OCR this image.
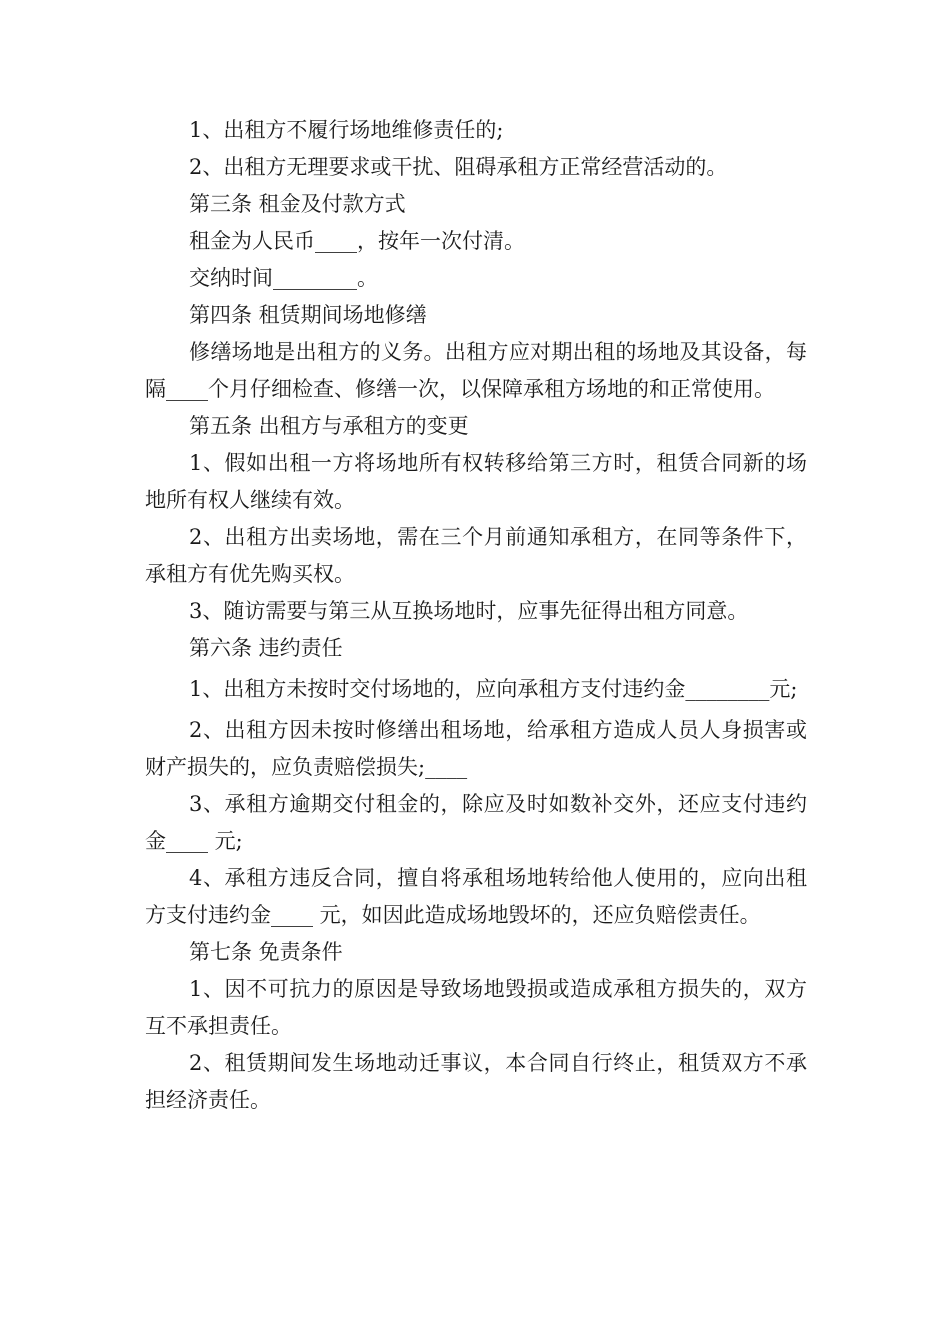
1、出租方不履行场地维修责任的;

2、出租方无理要求或干扰、阻碍承租方正常经营活动的。

第三条 租金及付款方式

租金为人民币____，按年一次付清。

交纳时间________。

第四条 租赁期间场地修缮

修缮场地是出租方的义务。出租方应对期出租的场地及其设备，每隔____个月仔细检查、修缮一次，以保障承租方场地的和正常使用。

第五条 出租方与承租方的变更

1、假如出租一方将场地所有权转移给第三方时，租赁合同新的场地所有权人继续有效。

2、出租方出卖场地，需在三个月前通知承租方，在同等条件下，承租方有优先购买权。

3、随访需要与第三从互换场地时，应事先征得出租方同意。

第六条 违约责任

1、出租方未按时交付场地的，应向承租方支付违约金________元;

2、出租方因未按时修缮出租场地，给承租方造成人员人身损害或财产损失的，应负责赔偿损失;____

3、承租方逾期交付租金的，除应及时如数补交外，还应支付违约金____ 元;

4、承租方违反合同，擅自将承租场地转给他人使用的，应向出租方支付违约金____ 元，如因此造成场地毁坏的，还应负赔偿责任。

第七条 免责条件

1、因不可抗力的原因是导致场地毁损或造成承租方损失的，双方互不承担责任。

2、租赁期间发生场地动迁事议，本合同自行终止，租赁双方不承担经济责任。
